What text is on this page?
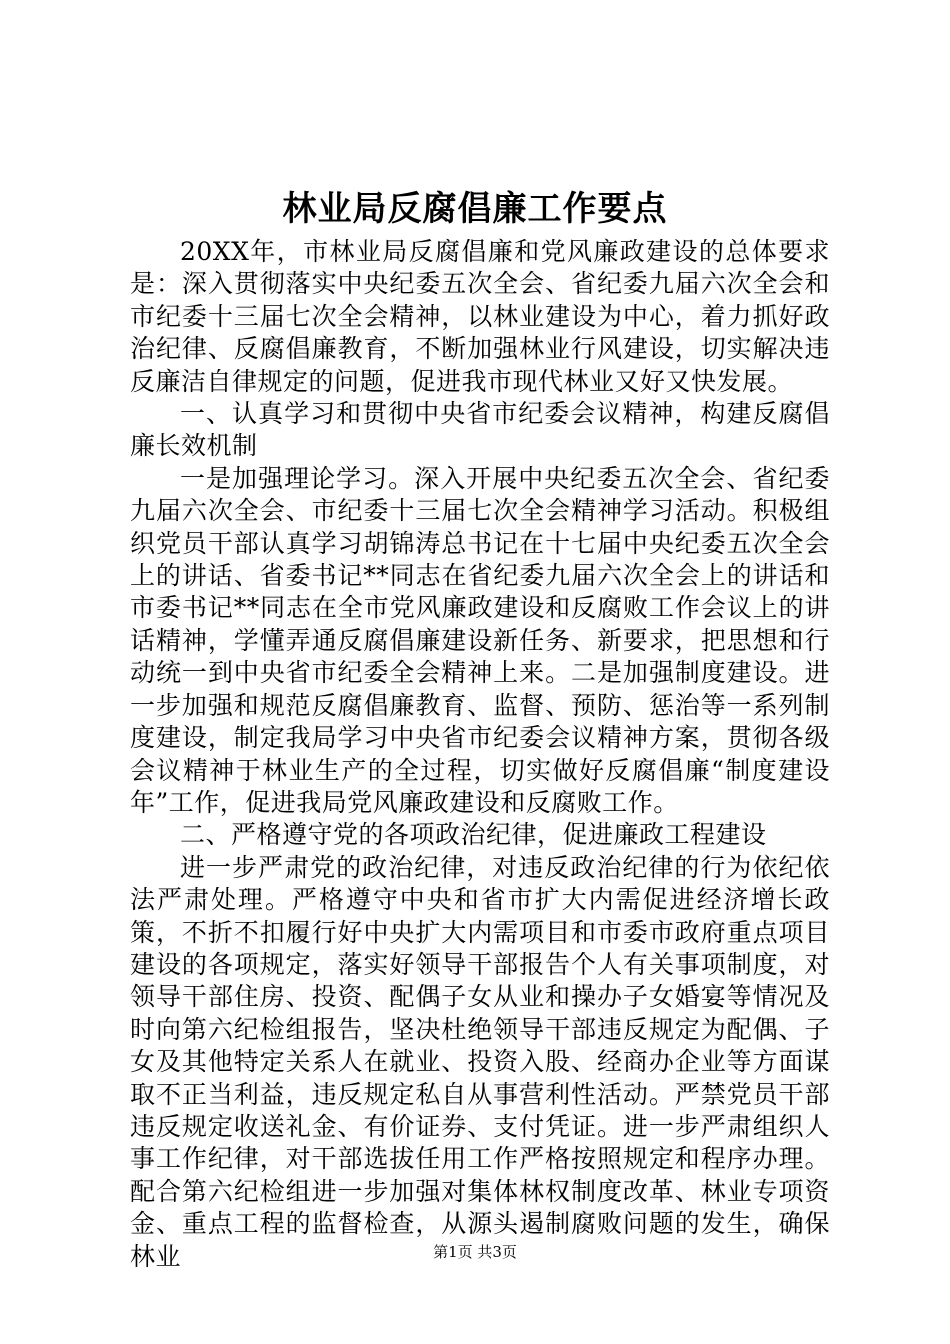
林业局反腐倡廉工作要点

20XX年，市林业局反腐倡廉和党风廉政建设的总体要求是：深入贯彻落实中央纪委五次全会、省纪委九届六次全会和市纪委十三届七次全会精神，以林业建设为中心，着力抓好政治纪律、反腐倡廉教育，不断加强林业行风建设，切实解决违反廉洁自律规定的问题，促进我市现代林业又好又快发展。

一、认真学习和贯彻中央省市纪委会议精神，构建反腐倡廉长效机制

一是加强理论学习。深入开展中央纪委五次全会、省纪委九届六次全会、市纪委十三届七次全会精神学习活动。积极组织党员干部认真学习胡锦涛总书记在十七届中央纪委五次全会上的讲话、省委书记**同志在省纪委九届六次全会上的讲话和市委书记**同志在全市党风廉政建设和反腐败工作会议上的讲话精神，学懂弄通反腐倡廉建设新任务、新要求，把思想和行动统一到中央省市纪委全会精神上来。二是加强制度建设。进一步加强和规范反腐倡廉教育、监督、预防、惩治等一系列制度建设，制定我局学习中央省市纪委会议精神方案，贯彻各级会议精神于林业生产的全过程，切实做好反腐倡廉“制度建设年”工作，促进我局党风廉政建设和反腐败工作。

二、严格遵守党的各项政治纪律，促进廉政工程建设

进一步严肃党的政治纪律，对违反政治纪律的行为依纪依法严肃处理。严格遵守中央和省市扩大内需促进经济增长政策，不折不扣履行好中央扩大内需项目和市委市政府重点项目建设的各项规定，落实好领导干部报告个人有关事项制度，对领导干部住房、投资、配偶子女从业和操办子女婚宴等情况及时向第六纪检组报告，坚决杜绝领导干部违反规定为配偶、子女及其他特定关系人在就业、投资入股、经商办企业等方面谋取不正当利益，违反规定私自从事营利性活动。严禁党员干部违反规定收送礼金、有价证券、支付凭证。进一步严肃组织人事工作纪律，对干部选拔任用工作严格按照规定和程序办理。配合第六纪检组进一步加强对集体林权制度改革、林业专项资金、重点工程的监督检查，从源头遏制腐败问题的发生，确保林业	第1页 共3页
